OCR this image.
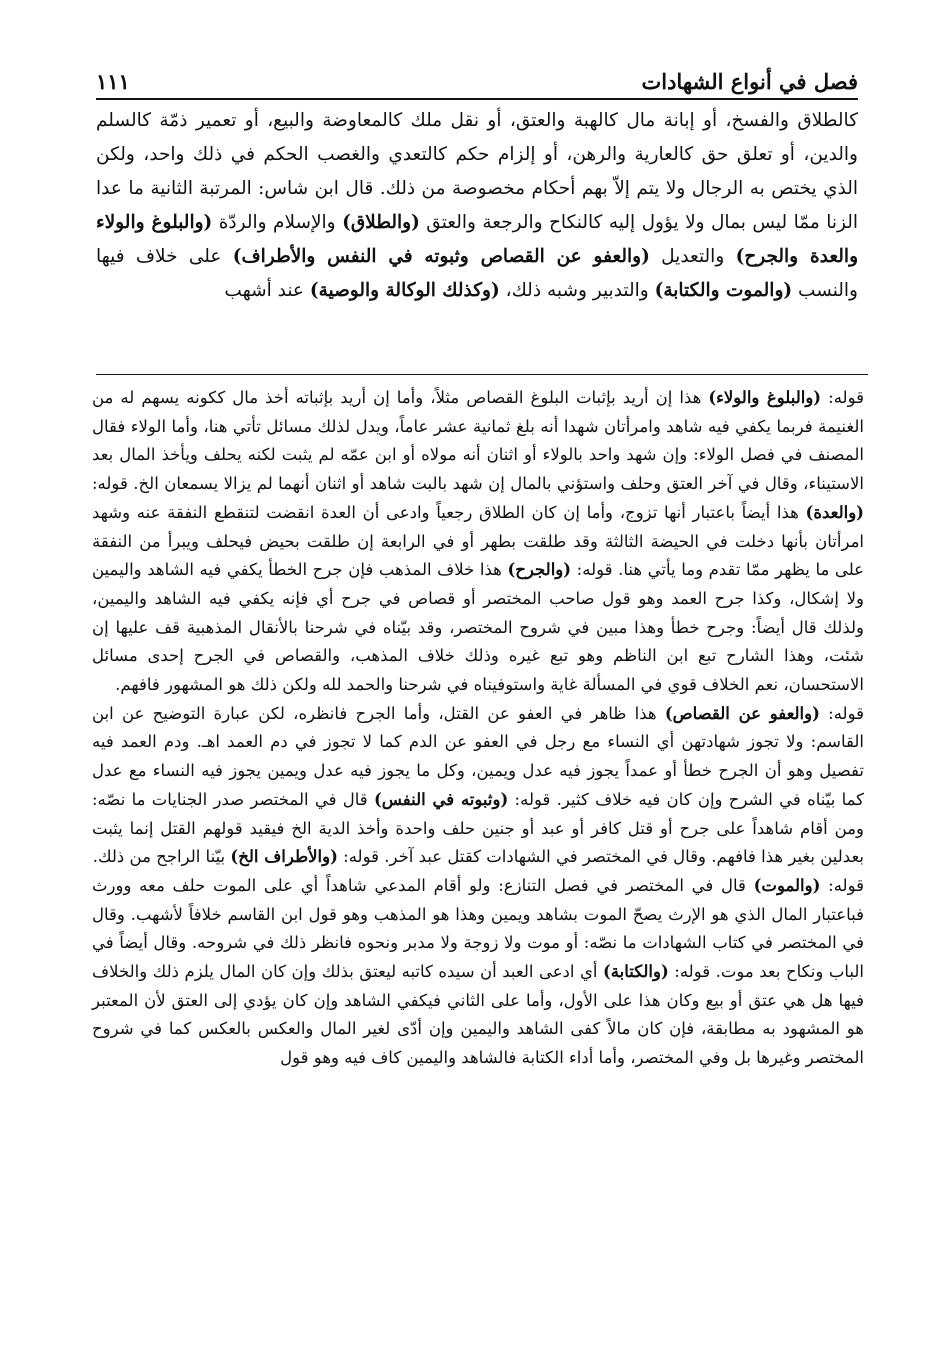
فصل في أنواع الشهادات
١١١

كالطلاق والفسخ، أو إبانة مال كالهبة والعتق، أو نقل ملك كالمعاوضة والبيع، أو تعمير ذمّة كالسلم والدين، أو تعلق حق كالعارية والرهن، أو إلزام حكم كالتعدي والغصب الحكم في ذلك واحد، ولكن الذي يختص به الرجال ولا يتم إلاّ بهم أحكام مخصوصة من ذلك. قال ابن شاس: المرتبة الثانية ما عدا الزنا ممّا ليس بمال ولا يؤول إليه كالنكاح والرجعة والعتق (والطلاق) والإسلام والردّة (والبلوغ والولاء والعدة والجرح) والتعديل (والعفو عن القصاص وثبوته في النفس والأطراف) على خلاف فيها والنسب (والموت والكتابة) والتدبير وشبه ذلك، (وكذلك الوكالة والوصية) عند أشهب

قوله: (والبلوغ والولاء) هذا إن أريد بإثبات البلوغ القصاص مثلاً، وأما إن أريد بإثباته أخذ مال ككونه يسهم له من الغنيمة فربما يكفي فيه شاهد وامرأتان شهدا أنه بلغ ثمانية عشر عاماً، ويدل لذلك مسائل تأتي هنا، وأما الولاء فقال المصنف في فصل الولاء: وإن شهد واحد بالولاء أو اثنان أنه مولاه أو ابن عمّه لم يثبت لكنه يحلف ويأخذ المال بعد الاستيناء، وقال في آخر العتق وحلف واستؤني بالمال إن شهد بالبت شاهد أو اثنان أنهما لم يزالا يسمعان الخ. قوله: (والعدة) هذا أيضاً باعتبار أنها تزوج، وأما إن كان الطلاق رجعياً وادعى أن العدة انقضت لتنقطع النفقة عنه وشهد امرأتان بأنها دخلت في الحيضة الثالثة وقد طلقت بطهر أو في الرابعة إن طلقت بحيض فيحلف ويبرأ من النفقة على ما يظهر ممّا تقدم وما يأتي هنا. قوله: (والجرح) هذا خلاف المذهب فإن جرح الخطأ يكفي فيه الشاهد واليمين ولا إشكال، وكذا جرح العمد وهو قول صاحب المختصر أو قصاص في جرح أي فإنه يكفي فيه الشاهد واليمين، ولذلك قال أيضاً: وجرح خطأ وهذا مبين في شروح المختصر، وقد بيّناه في شرحنا بالأنقال المذهبية قف عليها إن شئت، وهذا الشارح تبع ابن الناظم وهو تبع غيره وذلك خلاف المذهب، والقصاص في الجرح إحدى مسائل الاستحسان، نعم الخلاف قوي في المسألة غاية واستوفيناه في شرحنا والحمد لله ولكن ذلك هو المشهور فافهم.

قوله: (والعفو عن القصاص) هذا ظاهر في العفو عن القتل، وأما الجرح فانظره، لكن عبارة التوضيح عن ابن القاسم: ولا تجوز شهادتهن أي النساء مع رجل في العفو عن الدم كما لا تجوز في دم العمد اهـ. ودم العمد فيه تفصيل وهو أن الجرح خطأ أو عمداً يجوز فيه عدل ويمين، وكل ما يجوز فيه عدل ويمين يجوز فيه النساء مع عدل كما بيّناه في الشرح وإن كان فيه خلاف كثير. قوله: (وثبوته في النفس) قال في المختصر صدر الجنايات ما نصّه: ومن أقام شاهداً على جرح أو قتل كافر أو عبد أو جنين حلف واحدة وأخذ الدية الخ فيقيد قولهم القتل إنما يثبت بعدلين بغير هذا فافهم. وقال في المختصر في الشهادات كقتل عبد آخر. قوله: (والأطراف الخ) بيّنا الراجح من ذلك.

قوله: (والموت) قال في المختصر في فصل التنازع: ولو أقام المدعي شاهداً أي على الموت حلف معه وورث فباعتبار المال الذي هو الإرث يصحّ الموت بشاهد ويمين وهذا هو المذهب وهو قول ابن القاسم خلافاً لأشهب. وقال في المختصر في كتاب الشهادات ما نصّه: أو موت ولا زوجة ولا مدبر ونحوه فانظر ذلك في شروحه. وقال أيضاً في الباب ونكاح بعد موت. قوله: (والكتابة) أي ادعى العبد أن سيده كاتبه ليعتق بذلك وإن كان المال يلزم ذلك والخلاف فيها هل هي عتق أو بيع وكان هذا على الأول، وأما على الثاني فيكفي الشاهد وإن كان يؤدي إلى العتق لأن المعتبر هو المشهود به مطابقة، فإن كان مالاً كفى الشاهد واليمين وإن أدّى لغير المال والعكس بالعكس كما في شروح المختصر وغيرها بل وفي المختصر، وأما أداء الكتابة فالشاهد واليمين كاف فيه وهو قول
